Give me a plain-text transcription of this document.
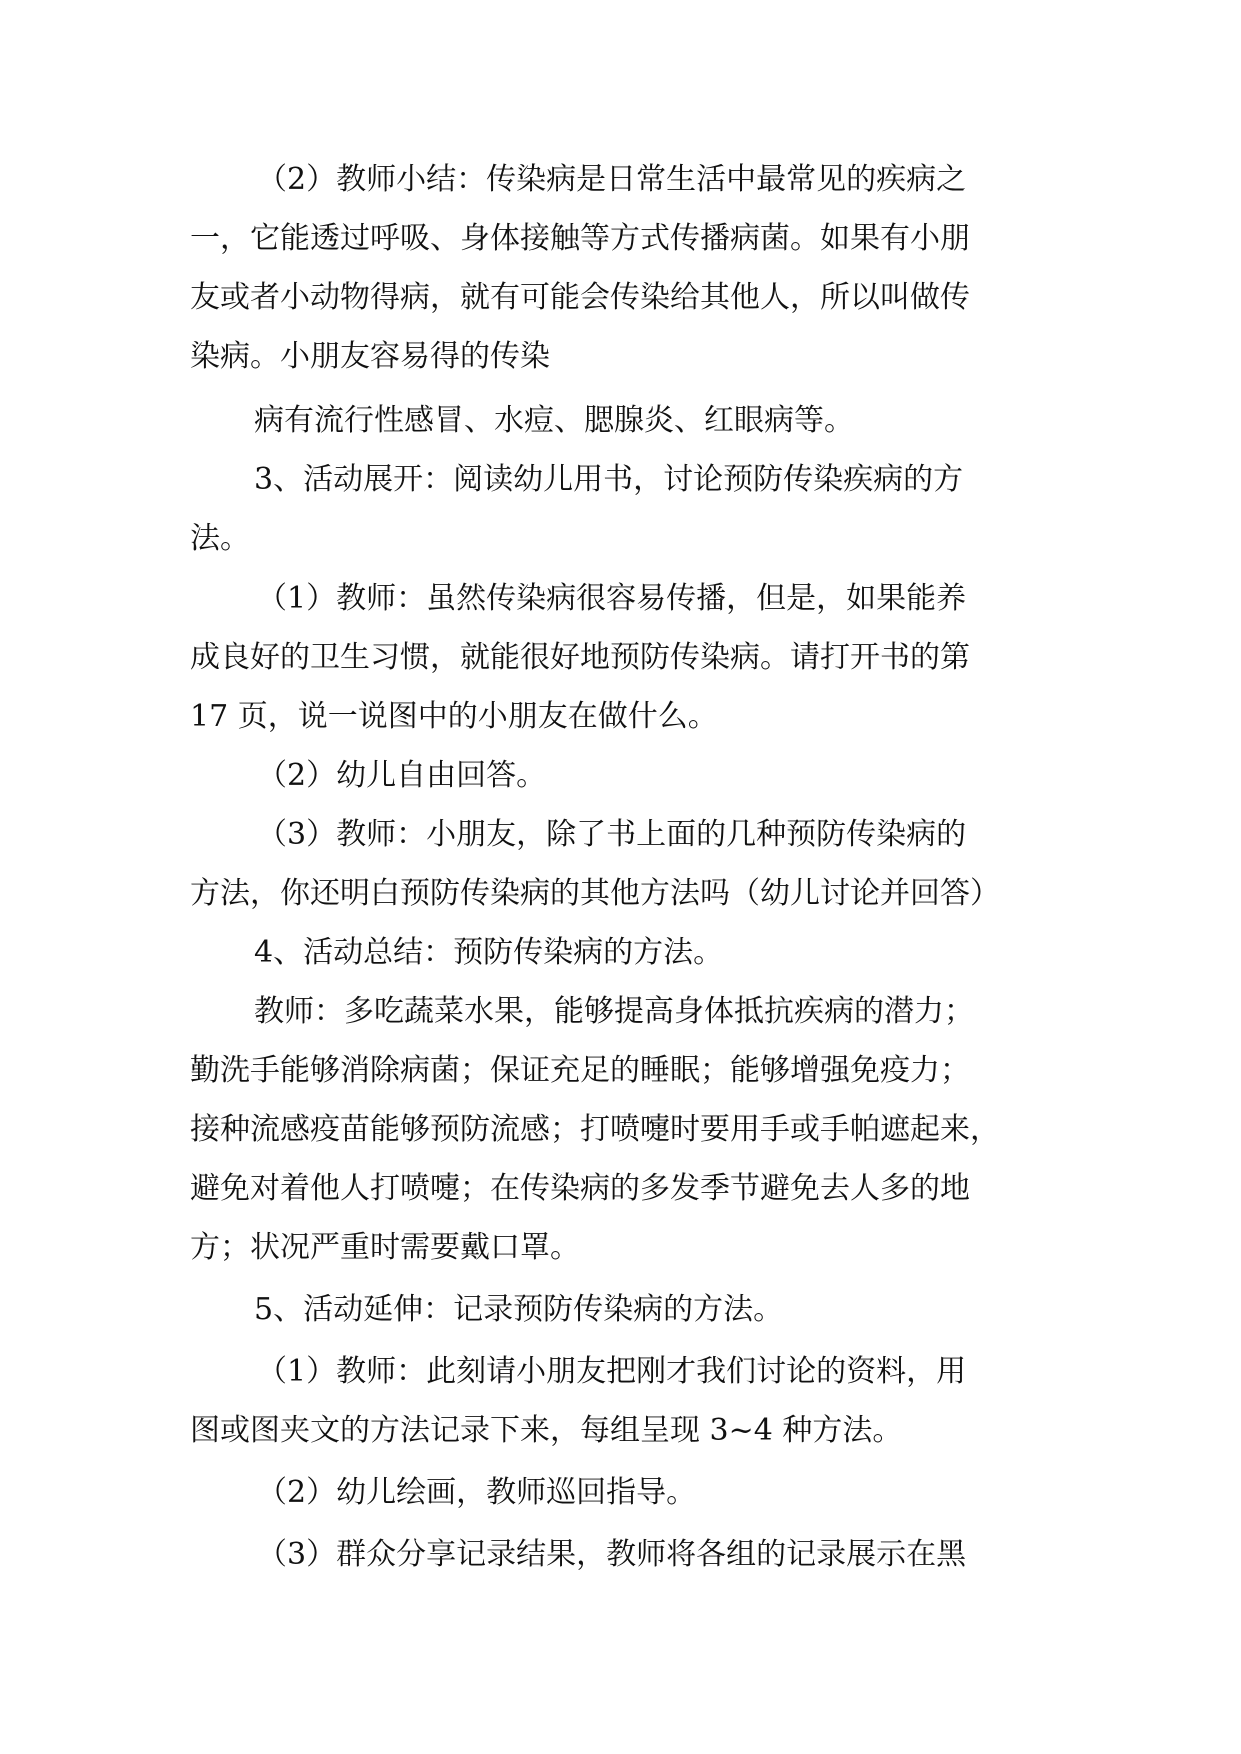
（2）教师小结：传染病是日常生活中最常见的疾病之

一，它能透过呼吸、身体接触等方式传播病菌。如果有小朋

友或者小动物得病，就有可能会传染给其他人，所以叫做传

染病。小朋友容易得的传染

病有流行性感冒、水痘、腮腺炎、红眼病等。

3、活动展开：阅读幼儿用书，讨论预防传染疾病的方

法。

（1）教师：虽然传染病很容易传播，但是，如果能养

成良好的卫生习惯，就能很好地预防传染病。请打开书的第

17 页，说一说图中的小朋友在做什么。

（2）幼儿自由回答。

（3）教师：小朋友，除了书上面的几种预防传染病的

方法，你还明白预防传染病的其他方法吗（幼儿讨论并回答）

4、活动总结：预防传染病的方法。

教师：多吃蔬菜水果，能够提高身体抵抗疾病的潜力；

勤洗手能够消除病菌；保证充足的睡眠；能够增强免疫力；

接种流感疫苗能够预防流感；打喷嚏时要用手或手帕遮起来，

避免对着他人打喷嚏；在传染病的多发季节避免去人多的地

方；状况严重时需要戴口罩。

5、活动延伸：记录预防传染病的方法。

（1）教师：此刻请小朋友把刚才我们讨论的资料，用

图或图夹文的方法记录下来，每组呈现 3~4 种方法。

（2）幼儿绘画，教师巡回指导。

（3）群众分享记录结果，教师将各组的记录展示在黑
